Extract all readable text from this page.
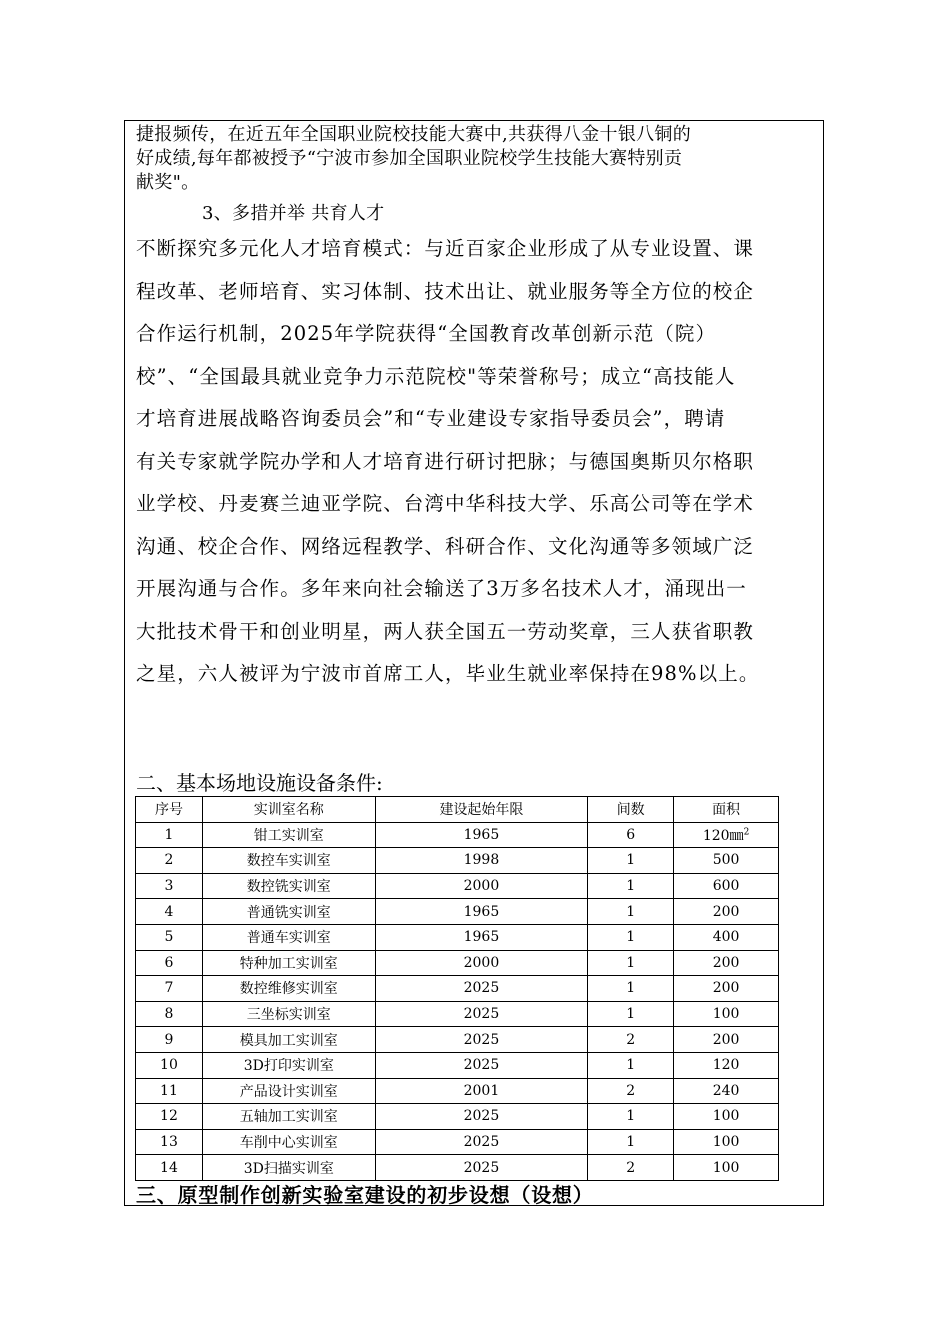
捷报频传，在近五年全国职业院校技能大赛中,共获得八金十银八铜的
好成绩,每年都被授予“宁波市参加全国职业院校学生技能大赛特别贡
献奖"。
3、多措并举 共育人才
不断探究多元化人才培育模式：与近百家企业形成了从专业设置、课
程改革、老师培育、实习体制、技术出让、就业服务等全方位的校企
合作运行机制，2025年学院获得“全国教育改革创新示范（院）
校”、“全国最具就业竞争力示范院校"等荣誉称号；成立“高技能人
才培育进展战略咨询委员会”和“专业建设专家指导委员会”，聘请
有关专家就学院办学和人才培育进行研讨把脉；与德国奥斯贝尔格职
业学校、丹麦赛兰迪亚学院、台湾中华科技大学、乐高公司等在学术
沟通、校企合作、网络远程教学、科研合作、文化沟通等多领域广泛
开展沟通与合作。多年来向社会输送了3万多名技术人才，涌现出一
大批技术骨干和创业明星，两人获全国五一劳动奖章，三人获省职教
之星，六人被评为宁波市首席工人，毕业生就业率保持在98%以上。
二、基本场地设施设备条件:
序号	实训室名称	建设起始年限	间数	面积
1	钳工实训室	1965	6	120㎜$^2$
2	数控车实训室	1998	1	500
3	数控铣实训室	2000	1	600
4	普通铣实训室	1965	1	200
5	普通车实训室	1965	1	400
6	特种加工实训室	2000	1	200
7	数控维修实训室	2025	1	200
8	三坐标实训室	2025	1	100
9	模具加工实训室	2025	2	200
10	3D打印实训室	2025	1	120
11	产品设计实训室	2001	2	240
12	五轴加工实训室	2025	1	100
13	车削中心实训室	2025	1	100
14	3D扫描实训室	2025	2	100
三、原型制作创新实验室建设的初步设想（设想）
